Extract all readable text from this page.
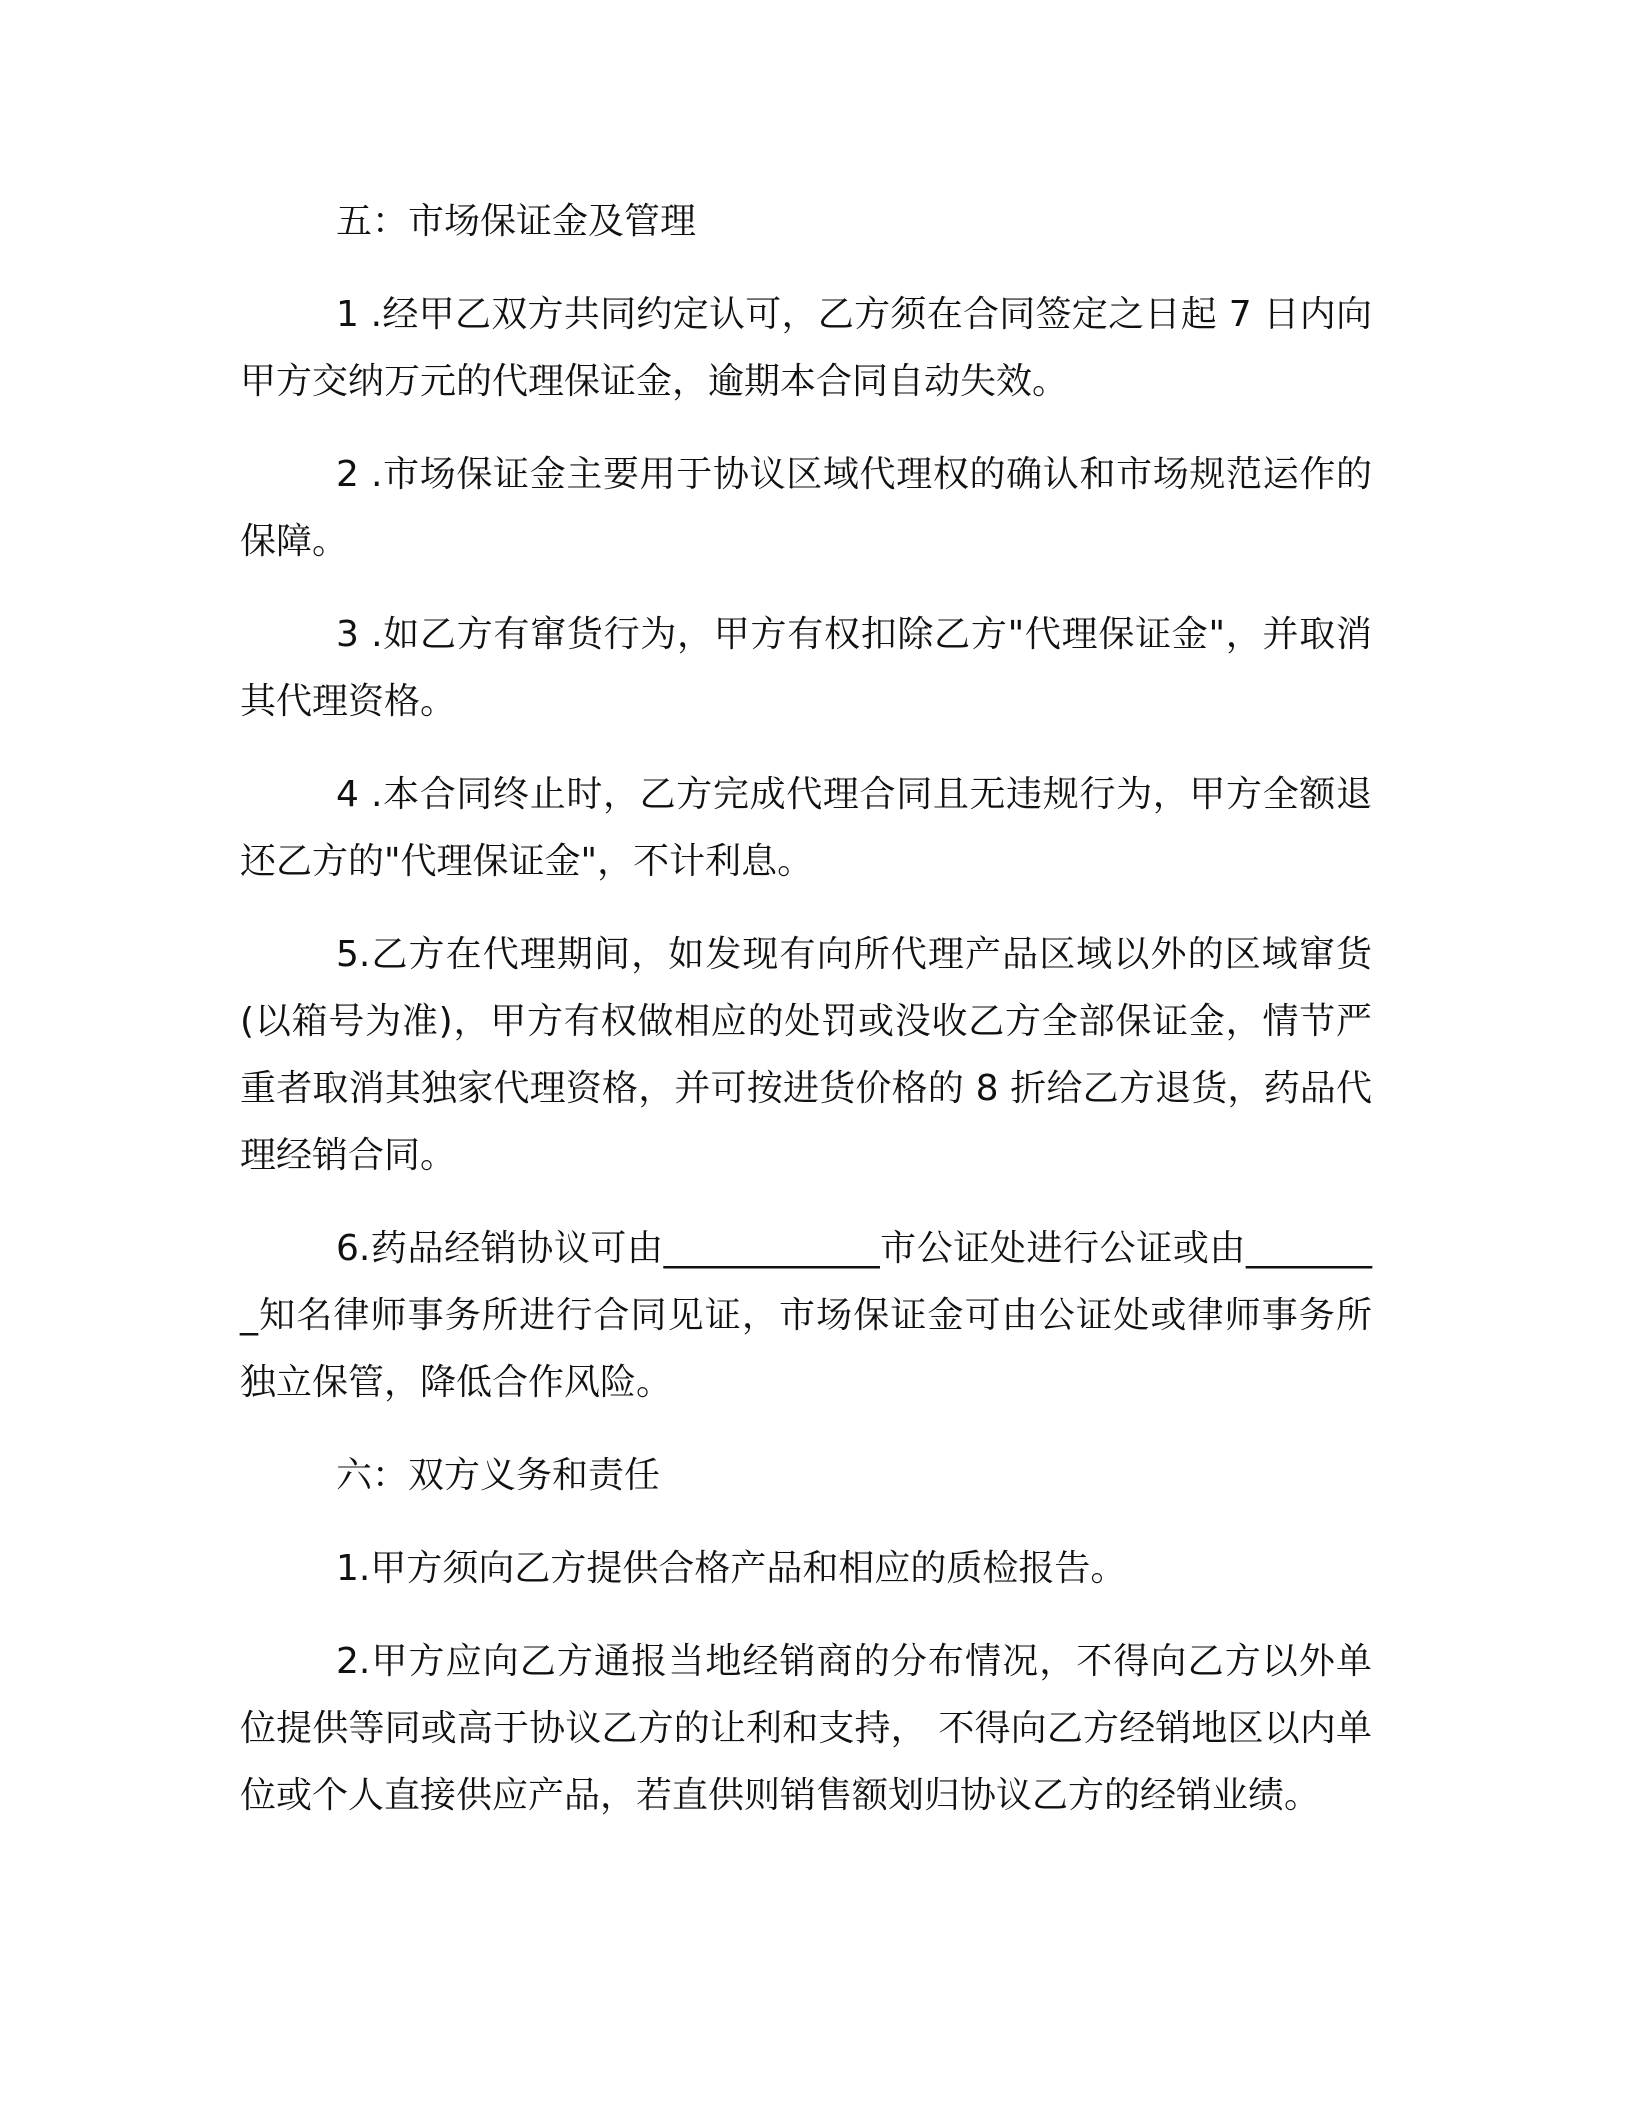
五：市场保证金及管理

1 .经甲乙双方共同约定认可，乙方须在合同签定之日起 7 日内向甲方交纳万元的代理保证金，逾期本合同自动失效。

2 .市场保证金主要用于协议区域代理权的确认和市场规范运作的保障。

3 .如乙方有窜货行为，甲方有权扣除乙方"代理保证金"，并取消其代理资格。

4 .本合同终止时，乙方完成代理合同且无违规行为，甲方全额退还乙方的"代理保证金"，不计利息。

5.乙方在代理期间，如发现有向所代理产品区域以外的区域窜货(以箱号为准)，甲方有权做相应的处罚或没收乙方全部保证金，情节严重者取消其独家代理资格，并可按进货价格的 8 折给乙方退货，药品代理经销合同。

6.药品经销协议可由____________市公证处进行公证或由________知名律师事务所进行合同见证，市场保证金可由公证处或律师事务所独立保管，降低合作风险。

六：双方义务和责任

1.甲方须向乙方提供合格产品和相应的质检报告。

2.甲方应向乙方通报当地经销商的分布情况，不得向乙方以外单位提供等同或高于协议乙方的让利和支持， 不得向乙方经销地区以内单位或个人直接供应产品，若直供则销售额划归协议乙方的经销业绩。
